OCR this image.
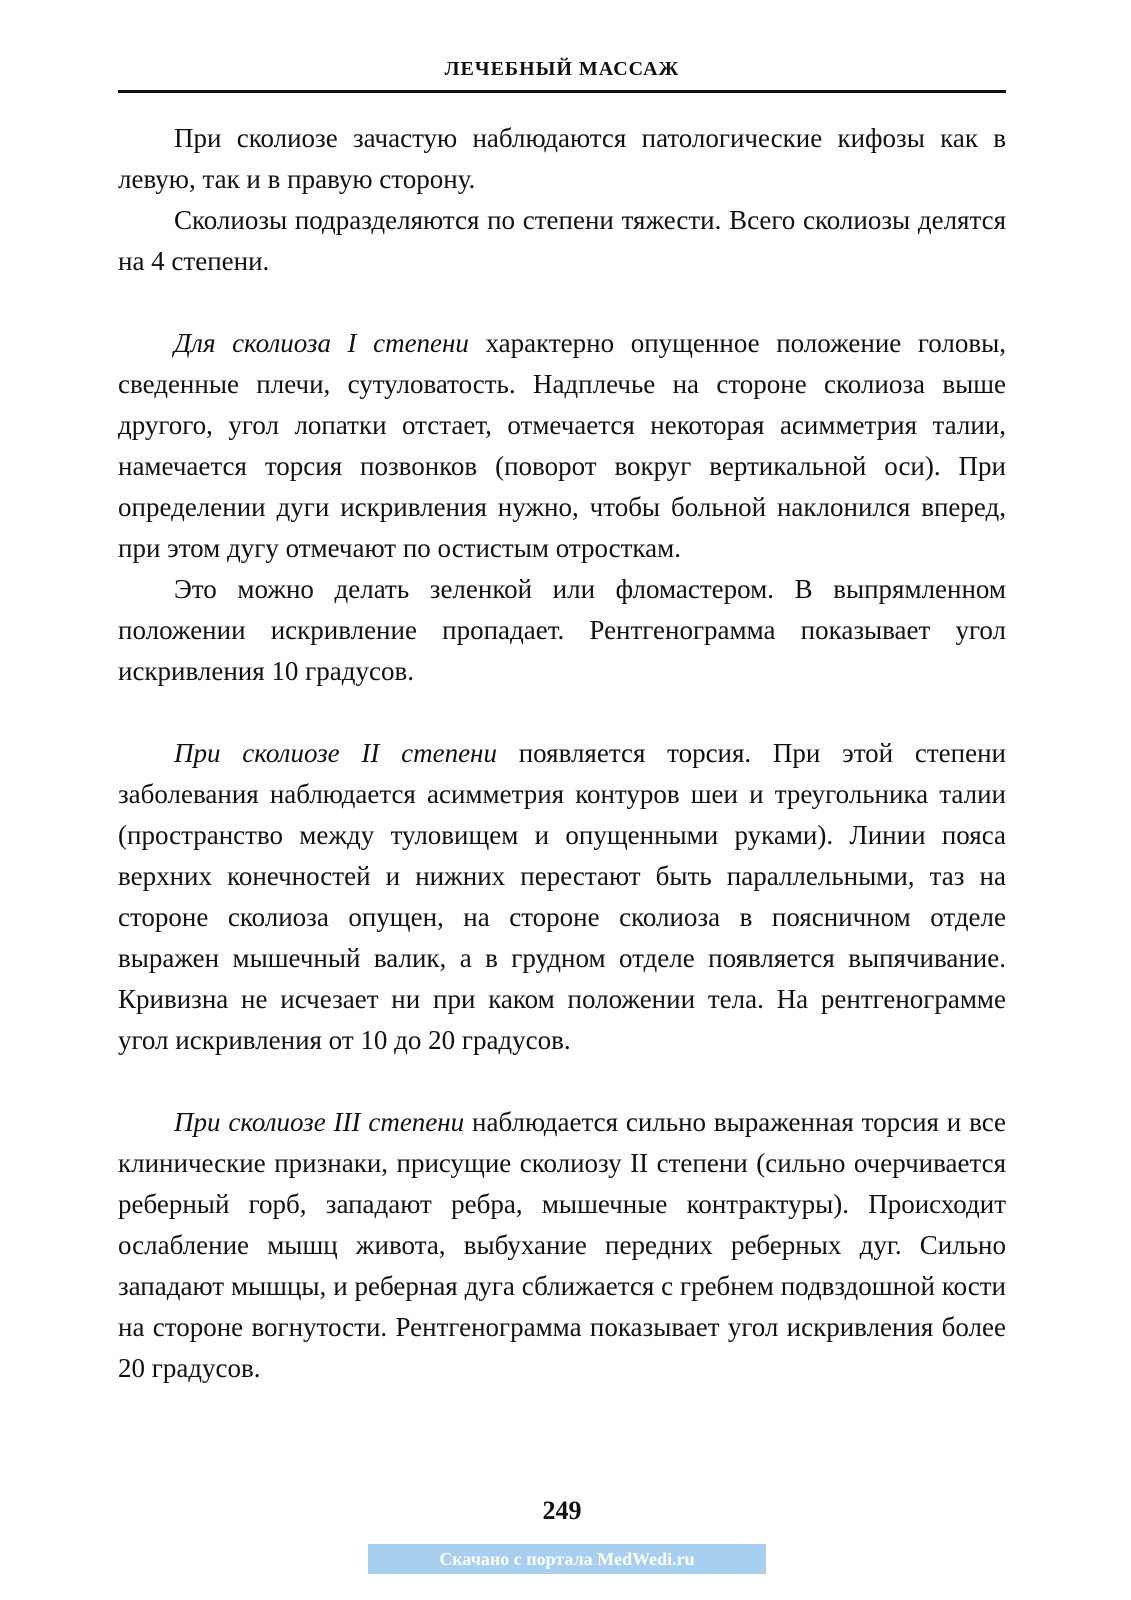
ЛЕЧЕБНЫЙ МАССАЖ

При сколиозе зачастую наблюдаются патологические кифозы как в левую, так и в правую сторону.

Сколиозы подразделяются по степени тяжести. Всего сколиозы делятся на 4 степени.

Для сколиоза I степени характерно опущенное положение головы, сведенные плечи, сутуловатость. Надплечье на стороне сколиоза выше другого, угол лопатки отстает, отмечается некоторая асимметрия талии, намечается торсия позвонков (поворот вокруг вертикальной оси). При определении дуги искривления нужно, чтобы больной наклонился вперед, при этом дугу отмечают по остистым отросткам.

Это можно делать зеленкой или фломастером. В выпрямленном положении искривление пропадает. Рентгенограмма показывает угол искривления 10 градусов.

При сколиозе II степени появляется торсия. При этой степени заболевания наблюдается асимметрия контуров шеи и треугольника талии (пространство между туловищем и опущенными руками). Линии пояса верхних конечностей и нижних перестают быть параллельными, таз на стороне сколиоза опущен, на стороне сколиоза в поясничном отделе выражен мышечный валик, а в грудном отделе появляется выпячивание. Кривизна не исчезает ни при каком положении тела. На рентгенограмме угол искривления от 10 до 20 градусов.

При сколиозе III степени наблюдается сильно выраженная торсия и все клинические признаки, присущие сколиозу II степени (сильно очерчивается реберный горб, западают ребра, мышечные контрактуры). Происходит ослабление мышц живота, выбухание передних реберных дуг. Сильно западают мышцы, и реберная дуга сближается с гребнем подвздошной кости на стороне вогнутости. Рентгенограмма показывает угол искривления более 20 градусов.

249
Скачано с портала MedWedi.ru
